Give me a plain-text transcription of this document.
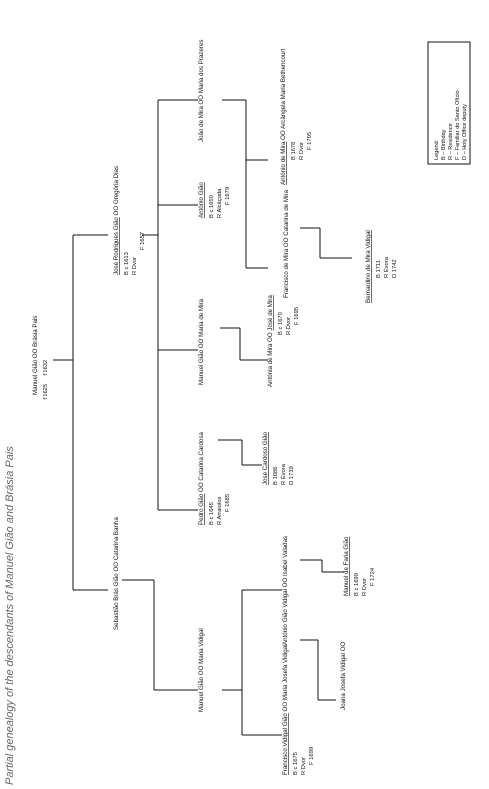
Partial genealogy of the descendants of Manuel Gião and Brásia Pais
Manuel Gião OO Brásia Pais †1632
†1625
José Rodrigues Gião OO Gregória Dias
B c 1613 R Dvor
F 1657
Pedro Gião OO Catarina Cardosa
B c 1645 R Arraiolos F 1685
José Cardoso Gião B 1686 R Évora D 1739
Manuel Gião OO Maria de Mira	Antónia de Mira OO José de Mira B c 1670 R Dvor
F 1695
António Gião B c 1650 R Alcáçuda F 1679	Francisco de Mira OO Catarina de Mira	Bernardino de Mira Vidigal B 1711 R Évora D 1742
João de Mira OO Maria dos Prazeres
António de Mira OO Arcângela Maria Bethencourt
B 1678 R Dvor
F 1705
Sebastião Brás Gião OO Catarina Banha
Manuel Gião OO Maria Vidigal
Francisco Vidigal Gião OO Maria Josefa Vidigal
B c 1675 R Dvor
F 1699
António Gião Vidigal OO Isabel Valadas
Joana Josefa Vidigal OO
Manuel de Faria Gião B c 1699 R Dvor
F 1724
Legend: B – Birthday R – Residence F – Familiar do Santo Ofício D – Holy Office deputy
